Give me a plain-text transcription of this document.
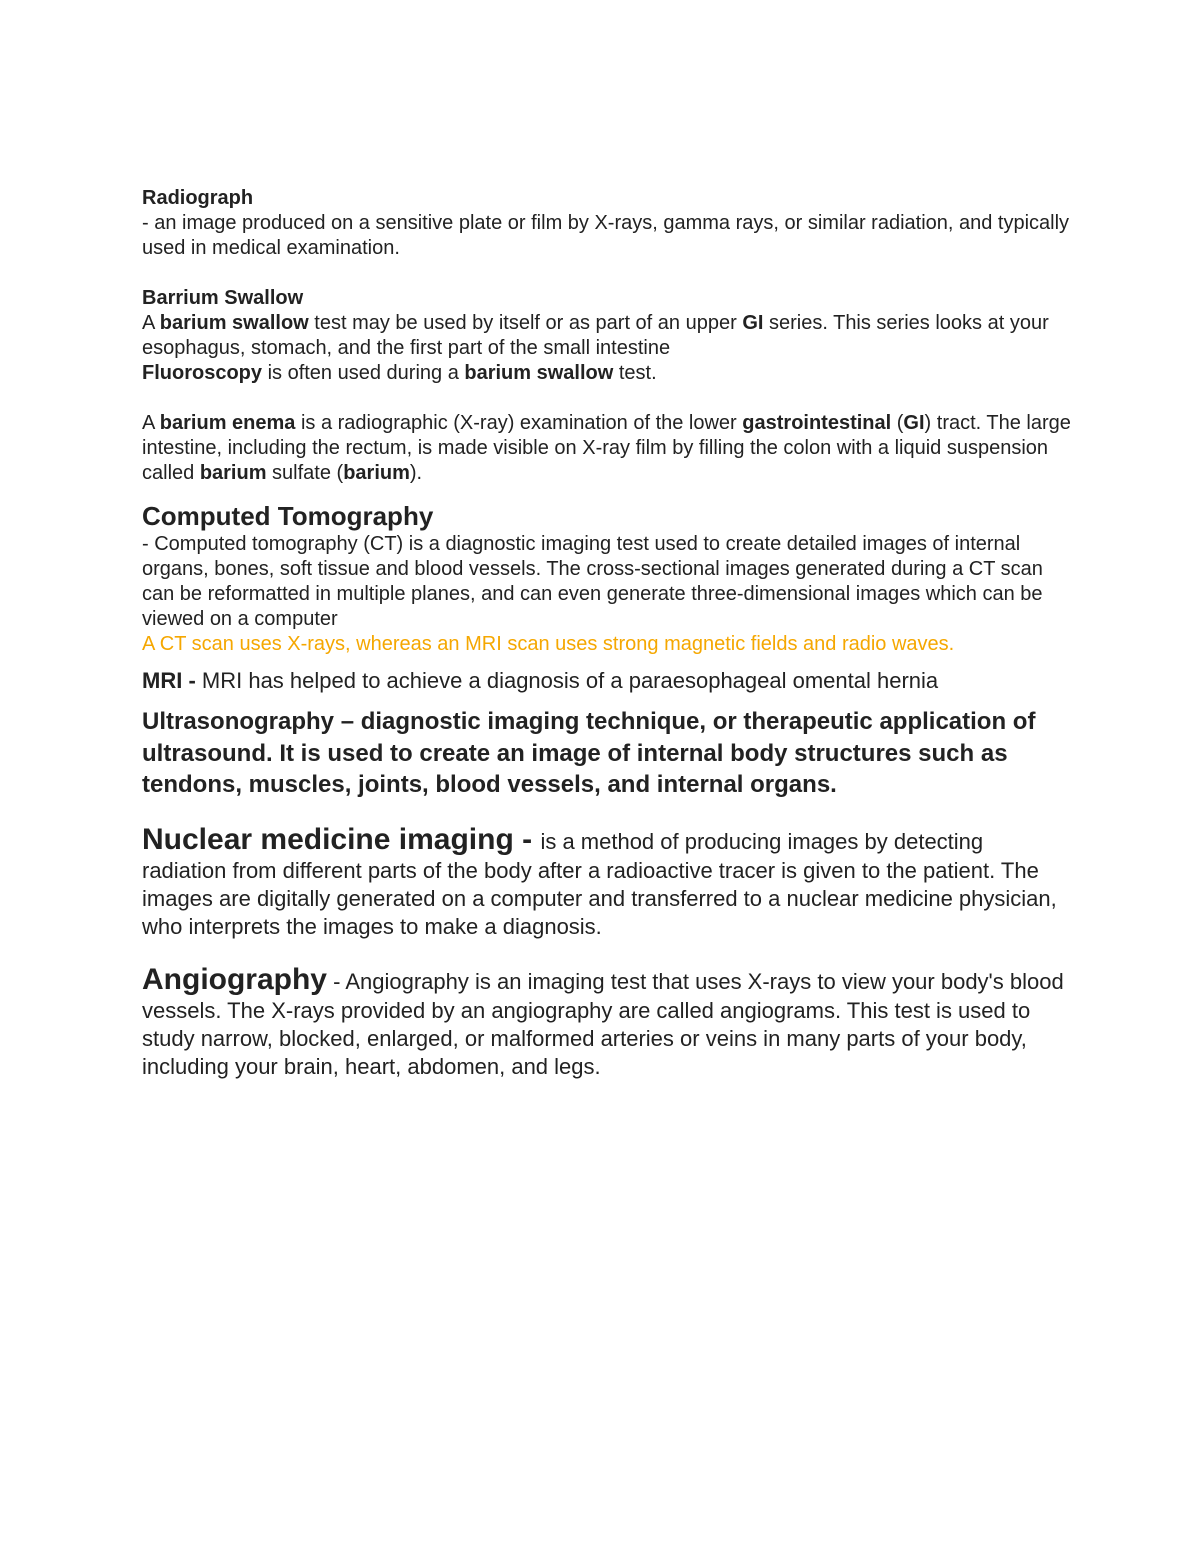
Radiograph

- an image produced on a sensitive plate or film by X-rays, gamma rays, or similar radiation, and typically used in medical examination.

Barrium Swallow

A barium swallow test may be used by itself or as part of an upper GI series. This series looks at your esophagus, stomach, and the first part of the small intestine

Fluoroscopy is often used during a barium swallow test.

A barium enema is a radiographic (X-ray) examination of the lower gastrointestinal (GI) tract. The large intestine, including the rectum, is made visible on X-ray film by filling the colon with a liquid suspension called barium sulfate (barium).

Computed Tomography

- Computed tomography (CT) is a diagnostic imaging test used to create detailed images of internal organs, bones, soft tissue and blood vessels. The cross-sectional images generated during a CT scan can be reformatted in multiple planes, and can even generate three-dimensional images which can be viewed on a computer

A CT scan uses X-rays, whereas an MRI scan uses strong magnetic fields and radio waves.

MRI - MRI has helped to achieve a diagnosis of a paraesophageal omental hernia

Ultrasonography – diagnostic imaging technique, or therapeutic application of ultrasound. It is used to create an image of internal body structures such as tendons, muscles, joints, blood vessels, and internal organs.

Nuclear medicine imaging - is a method of producing images by detecting radiation from different parts of the body after a radioactive tracer is given to the patient. The images are digitally generated on a computer and transferred to a nuclear medicine physician, who interprets the images to make a diagnosis.

Angiography - Angiography is an imaging test that uses X-rays to view your body's blood vessels. The X-rays provided by an angiography are called angiograms. This test is used to study narrow, blocked, enlarged, or malformed arteries or veins in many parts of your body, including your brain, heart, abdomen, and legs.
